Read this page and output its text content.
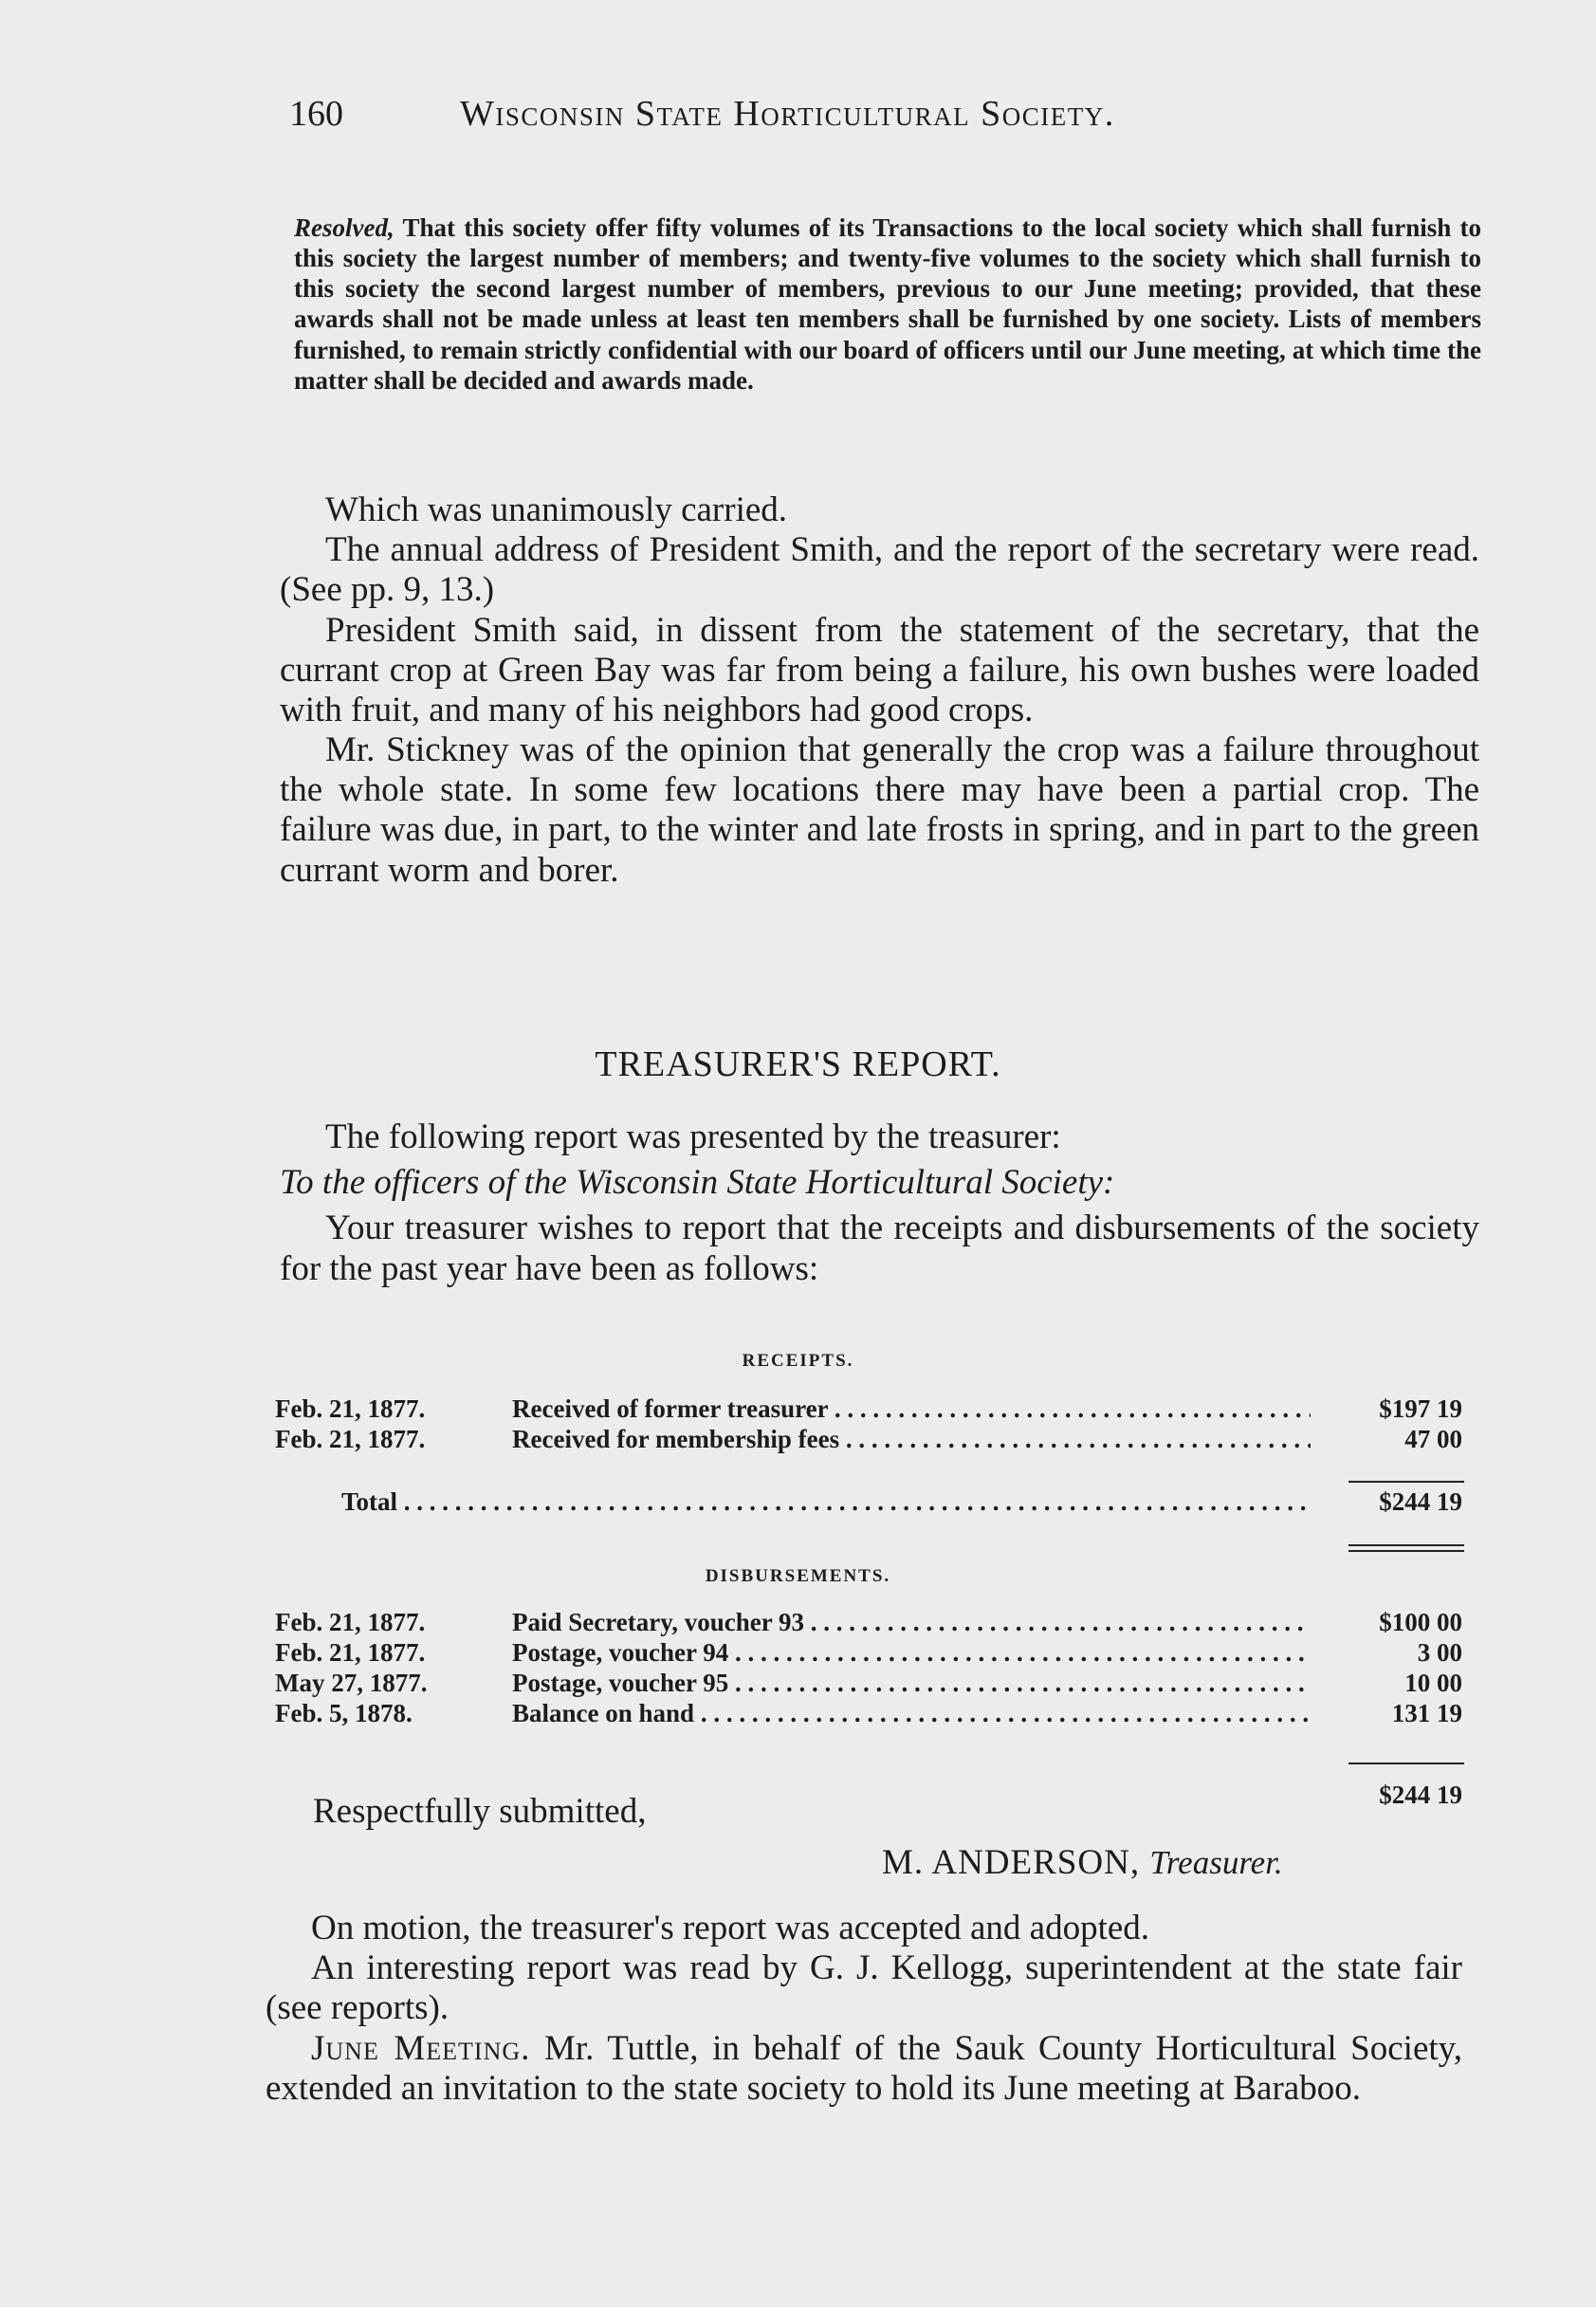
160	Wisconsin State Horticultural Society.
Resolved, That this society offer fifty volumes of its Transactions to the local society which shall furnish to this society the largest number of members; and twenty-five volumes to the society which shall furnish to this society the second largest number of members, previous to our June meeting; provided, that these awards shall not be made unless at least ten members shall be furnished by one society. Lists of members furnished, to remain strictly confidential with our board of officers until our June meeting, at which time the matter shall be decided and awards made.

Which was unanimously carried.

The annual address of President Smith, and the report of the secretary were read. (See pp. 9, 13.)

President Smith said, in dissent from the statement of the secretary, that the currant crop at Green Bay was far from being a failure, his own bushes were loaded with fruit, and many of his neighbors had good crops.

Mr. Stickney was of the opinion that generally the crop was a failure throughout the whole state. In some few locations there may have been a partial crop. The failure was due, in part, to the winter and late frosts in spring, and in part to the green currant worm and borer.

TREASURER'S REPORT.

The following report was presented by the treasurer:

To the officers of the Wisconsin State Horticultural Society:

Your treasurer wishes to report that the receipts and disbursements of the society for the past year have been as follows:

RECEIPTS.
Feb. 21, 1877.	Received of former treasurer . . .	$197 19
Feb. 21, 1877.	Received for membership fees . . .	47 00
Total . . .	$244 19
DISBURSEMENTS.
Feb. 21, 1877.	Paid Secretary, voucher 93 . . .	$100 00
Feb. 21, 1877.	Postage, voucher 94 . . .	3 00
May 27, 1877.	Postage, voucher 95 . . .	10 00
Feb. 5, 1878.	Balance on hand . . .	131 19
$244 19
Respectfully submitted,
M. ANDERSON, Treasurer.

On motion, the treasurer's report was accepted and adopted.

An interesting report was read by G. J. Kellogg, superintendent at the state fair (see reports).

June Meeting. Mr. Tuttle, in behalf of the Sauk County Horticultural Society, extended an invitation to the state society to hold its June meeting at Baraboo.
